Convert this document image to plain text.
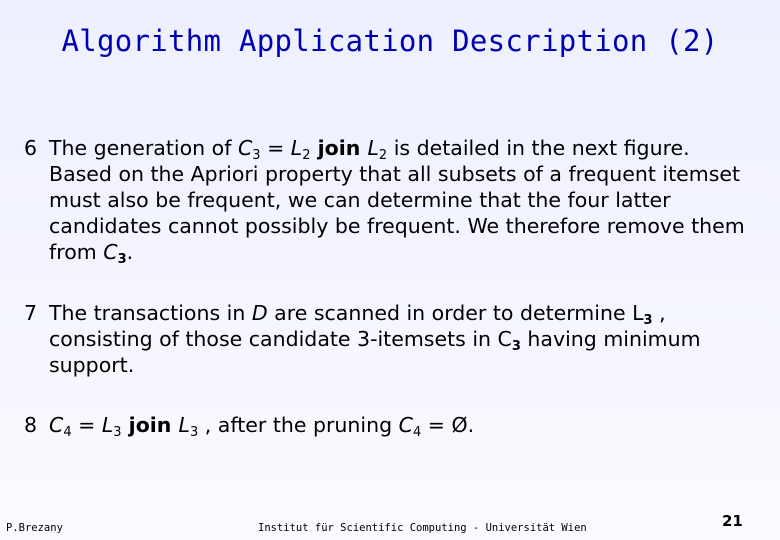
Algorithm Application Description (2)
6 The generation of $C_3 = L_2$ join $L_2$ is detailed in the next figure. Based on the Apriori property that all subsets of a frequent itemset must also be frequent, we can determine that the four latter candidates cannot possibly be frequent. We therefore remove them from $C_3$.
7 The transactions in D are scanned in order to determine $L_3$ , consisting of those candidate 3-itemsets in $C_3$ having minimum support.
8 $C_4 = L_3$ join $L_3$ , after the pruning $C_4$ = Ø.
P.Brezany	Institut für Scientific Computing - Universität Wien	21
